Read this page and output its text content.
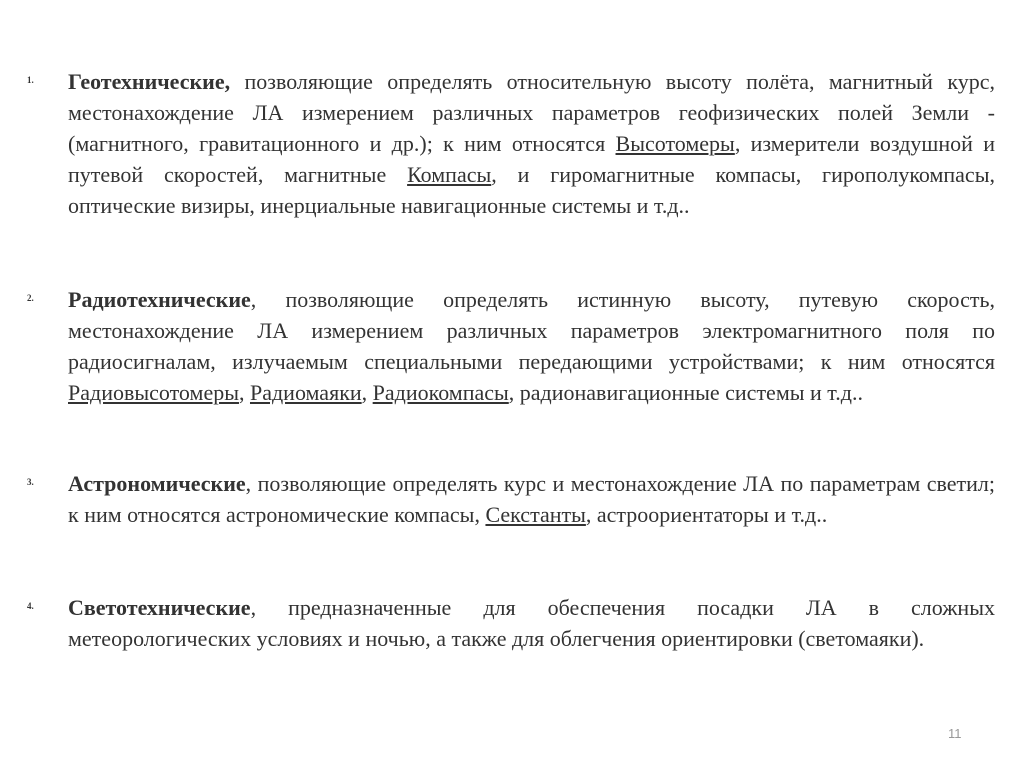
1. Геотехнические, позволяющие определять относительную высоту полёта, магнитный курс, местонахождение ЛА измерением различных параметров геофизических полей Земли - (магнитного, гравитационного и др.); к ним относятся Высотомеры, измерители воздушной и путевой скоростей, магнитные Компасы, и гиромагнитные компасы, гирополукомпасы, оптические визиры, инерциальные навигационные системы и т.д..
2. Радиотехнические, позволяющие определять истинную высоту, путевую скорость, местонахождение ЛА измерением различных параметров электромагнитного поля по радиосигналам, излучаемым специальными передающими устройствами; к ним относятся Радиовысотомеры, Радиомаяки, Радиокомпасы, радионавигационные системы и т.д..
3. Астрономические, позволяющие определять курс и местонахождение ЛА по параметрам светил; к ним относятся астрономические компасы, Секстанты, астроориентаторы и т.д..
4. Светотехнические, предназначенные для обеспечения посадки ЛА в сложных метеорологических условиях и ночью, а также для облегчения ориентировки (светомаяки).
11
